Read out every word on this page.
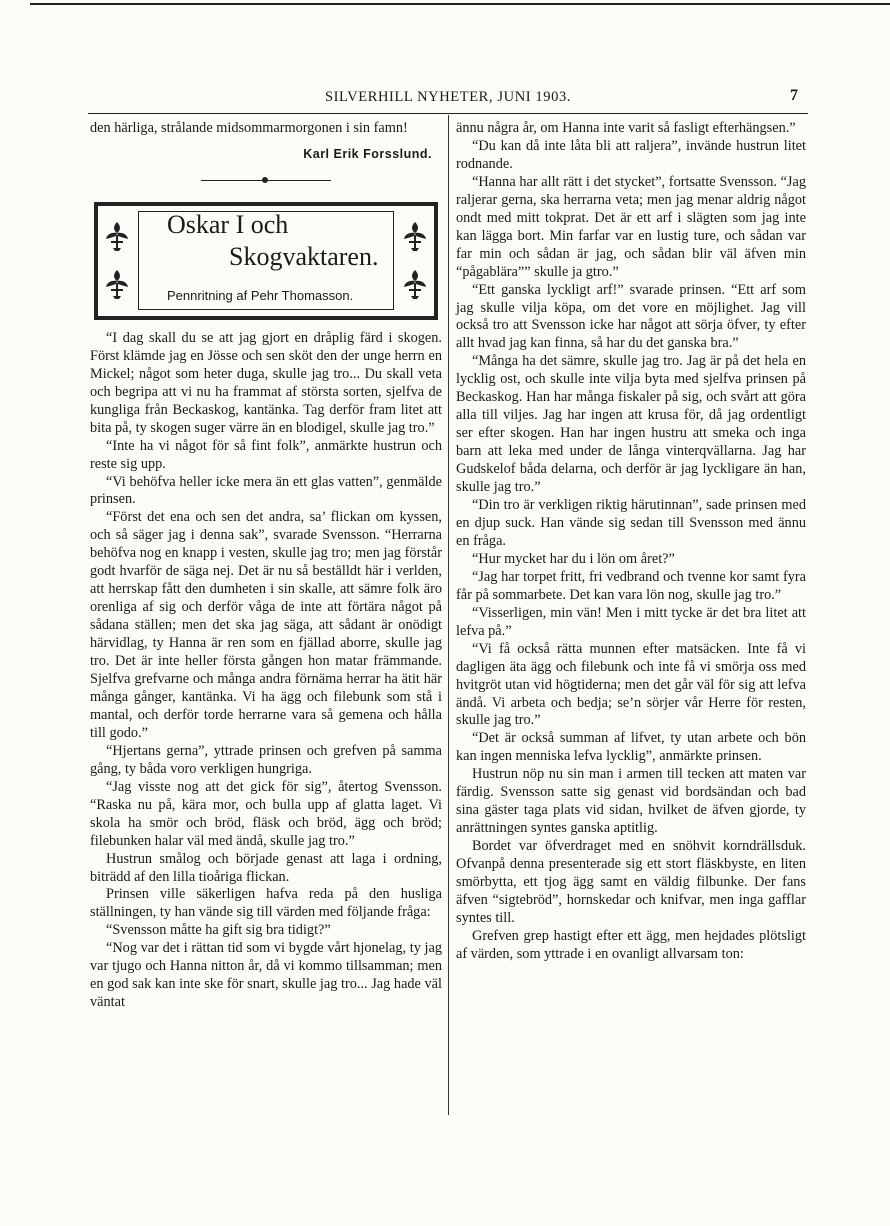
SILVERHILL NYHETER, JUNI 1903.	7

den härliga, strålande midsommarmorgonen i sin famn!

Karl Erik Forsslund.
Oskar I och
Skogvaktaren.
Pennritning af Pehr Thomasson.

“I dag skall du se att jag gjort en dråplig färd i skogen. Först klämde jag en Jösse och sen sköt den der unge herrn en Mickel; något som heter duga, skulle jag tro... Du skall veta och begripa att vi nu ha frammat af största sorten, sjelfva de kungliga från Beckaskog, kantänka. Tag derför fram litet att bita på, ty skogen suger värre än en blodigel, skulle jag tro.”

“Inte ha vi något för så fint folk”, anmärkte hustrun och reste sig upp.

“Vi behöfva heller icke mera än ett glas vatten”, genmälde prinsen.

“Först det ena och sen det andra, sa’ flickan om kyssen, och så säger jag i denna sak”, svarade Svensson. “Herrarna behöfva nog en knapp i vesten, skulle jag tro; men jag förstår godt hvarför de säga nej. Det är nu så beställdt här i verlden, att herrskap fått den dumheten i sin skalle, att sämre folk äro orenliga af sig och derför våga de inte att förtära något på sådana ställen; men det ska jag säga, att sådant är onödigt härvidlag, ty Hanna är ren som en fjällad aborre, skulle jag tro. Det är inte heller första gången hon matar främmande. Sjelfva grefvarne och många andra förnäma herrar ha ätit här många gånger, kantänka. Vi ha ägg och filebunk som stå i mantal, och derför torde herrarne vara så gemena och hålla till godo.”

“Hjertans gerna”, yttrade prinsen och grefven på samma gång, ty båda voro verkligen hungriga.

“Jag visste nog att det gick för sig”, återtog Svensson. “Raska nu på, kära mor, och bulla upp af glatta laget. Vi skola ha smör och bröd, fläsk och bröd, ägg och bröd; filebunken halar väl med ändå, skulle jag tro.”

Hustrun smålog och började genast att laga i ordning, biträdd af den lilla tioåriga flickan.

Prinsen ville säkerligen hafva reda på den husliga ställningen, ty han vände sig till värden med följande fråga:

“Svensson måtte ha gift sig bra tidigt?”

“Nog var det i rättan tid som vi bygde vårt hjonelag, ty jag var tjugo och Hanna nitton år, då vi kommo tillsamman; men en god sak kan inte ske för snart, skulle jag tro... Jag hade väl väntat

ännu några år, om Hanna inte varit så fasligt efterhängsen.”

“Du kan då inte låta bli att raljera”, invände hustrun litet rodnande.

“Hanna har allt rätt i det stycket”, fortsatte Svensson. “Jag raljerar gerna, ska herrarna veta; men jag menar aldrig något ondt med mitt tokprat. Det är ett arf i slägten som jag inte kan lägga bort. Min farfar var en lustig ture, och sådan var far min och sådan är jag, och sådan blir väl äfven min “pågablära”” skulle ja gtro.”

“Ett ganska lyckligt arf!” svarade prinsen. “Ett arf som jag skulle vilja köpa, om det vore en möjlighet. Jag vill också tro att Svensson icke har något att sörja öfver, ty efter allt hvad jag kan finna, så har du det ganska bra.”

“Många ha det sämre, skulle jag tro. Jag är på det hela en lycklig ost, och skulle inte vilja byta med sjelfva prinsen på Beckaskog. Han har många fiskaler på sig, och svårt att göra alla till viljes. Jag har ingen att krusa för, då jag ordentligt ser efter skogen. Han har ingen hustru att smeka och inga barn att leka med under de långa vinterqvällarna. Jag har Gudskelof båda delarna, och derför är jag lyckligare än han, skulle jag tro.”

“Din tro är verkligen riktig härutinnan”, sade prinsen med en djup suck. Han vände sig sedan till Svensson med ännu en fråga.

“Hur mycket har du i lön om året?”

“Jag har torpet fritt, fri vedbrand och tvenne kor samt fyra får på sommarbete. Det kan vara lön nog, skulle jag tro.”

“Visserligen, min vän! Men i mitt tycke är det bra litet att lefva på.”

“Vi få också rätta munnen efter matsäcken. Inte få vi dagligen äta ägg och filebunk och inte få vi smörja oss med hvitgröt utan vid högtiderna; men det går väl för sig att lefva ändå. Vi arbeta och bedja; se’n sörjer vår Herre för resten, skulle jag tro.”

“Det är också summan af lifvet, ty utan arbete och bön kan ingen menniska lefva lycklig”, anmärkte prinsen.

Hustrun nöp nu sin man i armen till tecken att maten var färdig. Svensson satte sig genast vid bordsändan och bad sina gäster taga plats vid sidan, hvilket de äfven gjorde, ty anrättningen syntes ganska aptitlig.

Bordet var öfverdraget med en snöhvit korndrällsduk. Ofvanpå denna presenterade sig ett stort fläskbyste, en liten smörbytta, ett tjog ägg samt en väldig filbunke. Der fans äfven “sigtebröd”, hornskedar och knifvar, men inga gafflar syntes till.

Grefven grep hastigt efter ett ägg, men hejdades plötsligt af värden, som yttrade i en ovanligt allvarsam ton:
